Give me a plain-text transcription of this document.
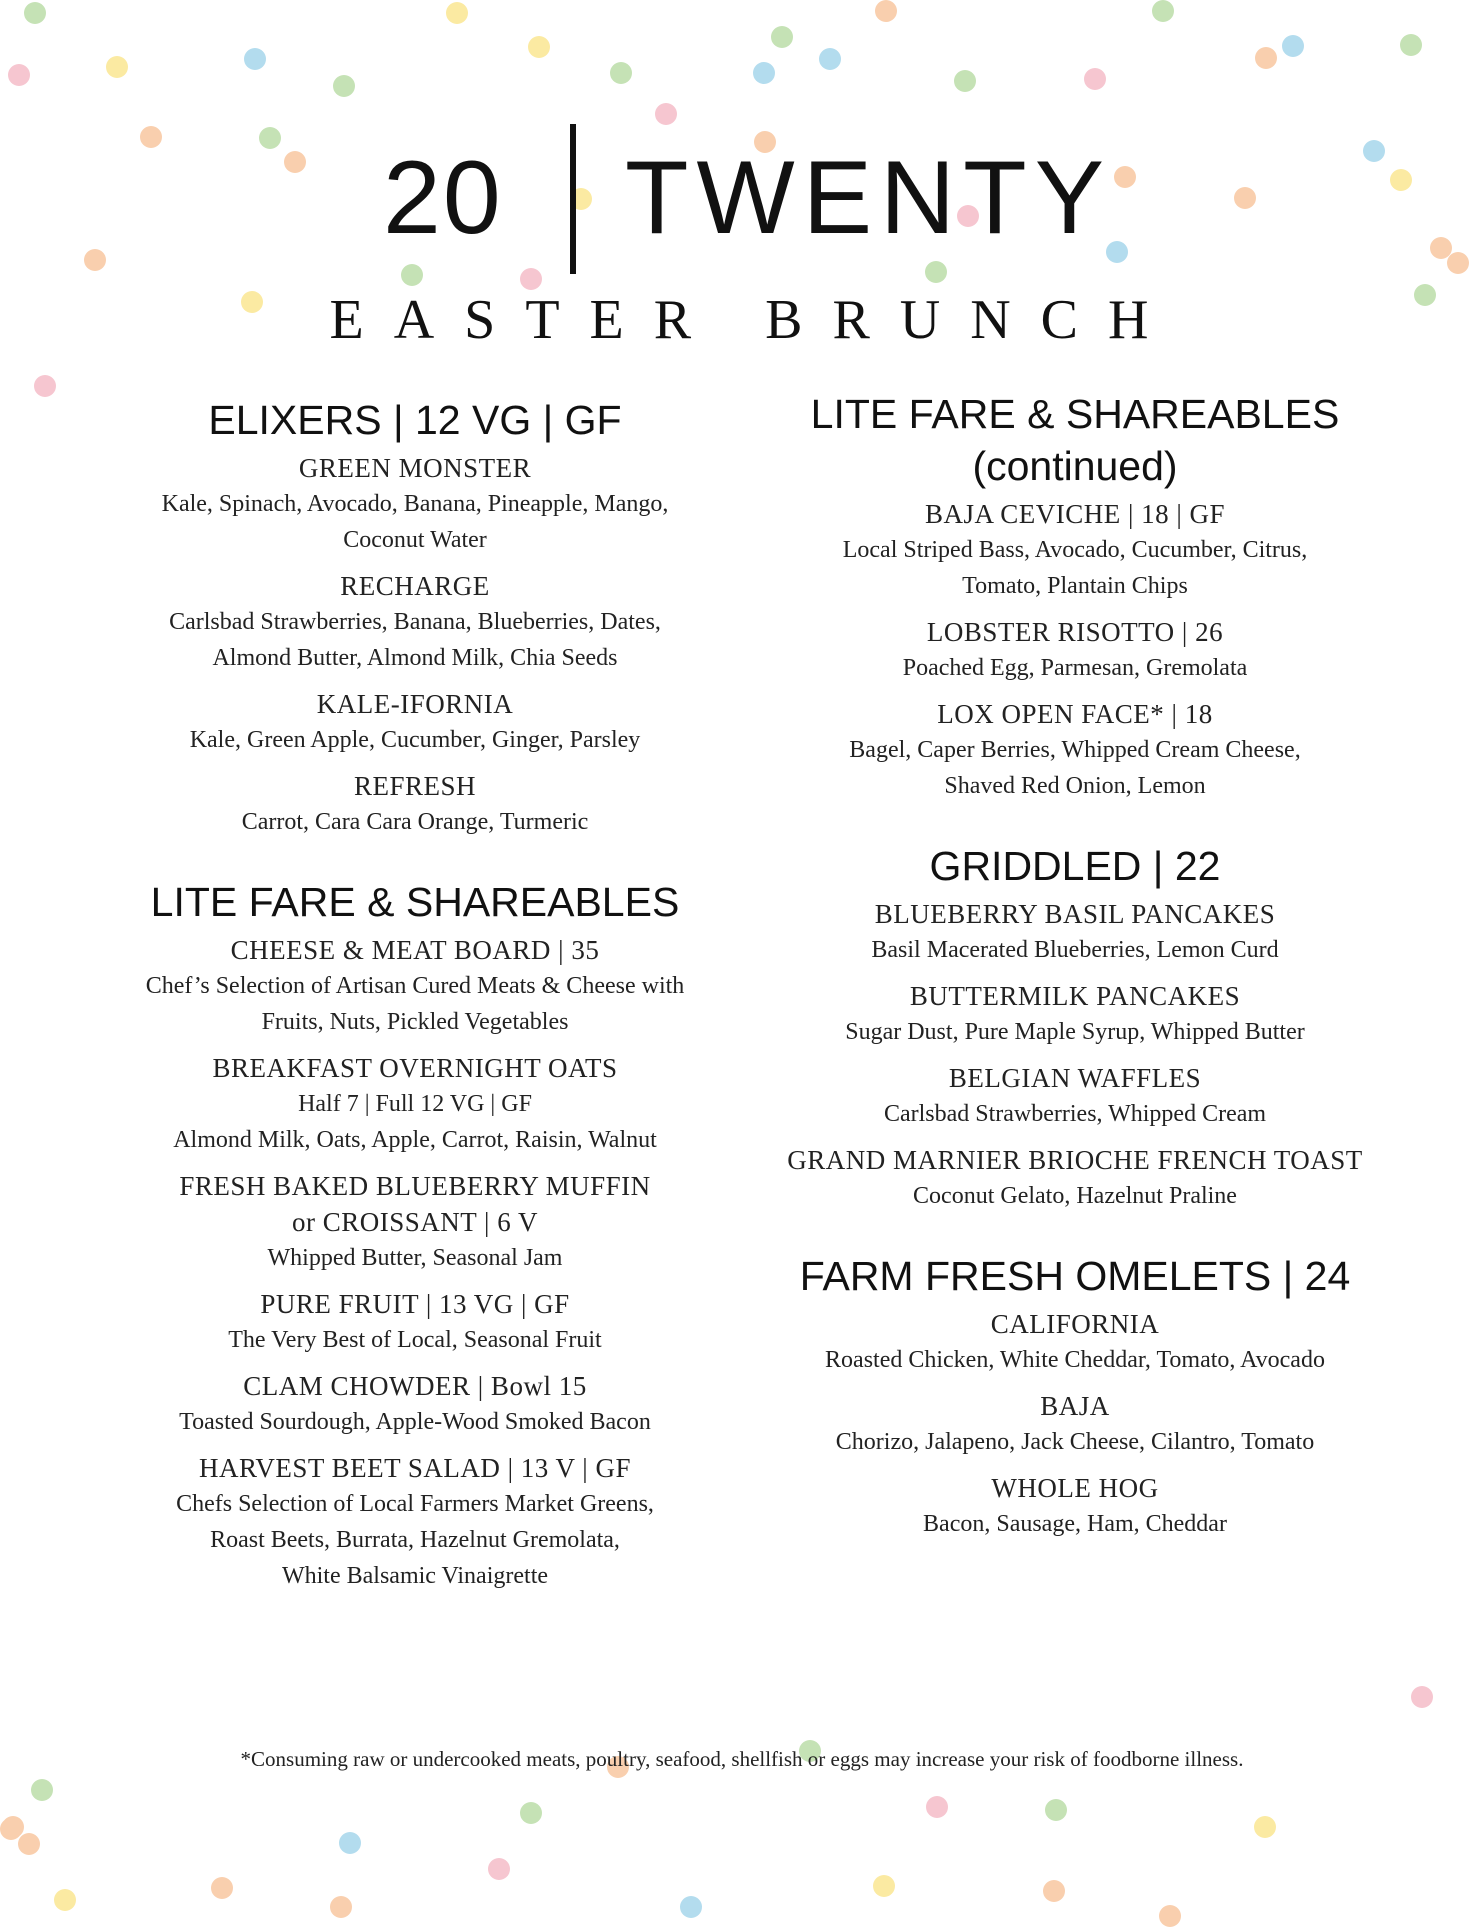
20 TWENTY
EASTER BRUNCH
ELIXERS | 12 VG | GF
GREEN MONSTER
Kale, Spinach, Avocado, Banana, Pineapple, Mango,
Coconut Water
RECHARGE
Carlsbad Strawberries, Banana, Blueberries, Dates,
Almond Butter, Almond Milk, Chia Seeds
KALE-IFORNIA
Kale, Green Apple, Cucumber, Ginger, Parsley
REFRESH
Carrot, Cara Cara Orange, Turmeric
LITE FARE & SHAREABLES
CHEESE & MEAT BOARD | 35
Chef’s Selection of Artisan Cured Meats & Cheese with
Fruits, Nuts, Pickled Vegetables
BREAKFAST OVERNIGHT OATS
Half 7 | Full 12 VG | GF
Almond Milk, Oats, Apple, Carrot, Raisin, Walnut
FRESH BAKED BLUEBERRY MUFFIN
or CROISSANT | 6 V
Whipped Butter, Seasonal Jam
PURE FRUIT | 13 VG | GF
The Very Best of Local, Seasonal Fruit
CLAM CHOWDER | Bowl 15
Toasted Sourdough, Apple-Wood Smoked Bacon
HARVEST BEET SALAD | 13 V | GF
Chefs Selection of Local Farmers Market Greens,
Roast Beets, Burrata, Hazelnut Gremolata,
White Balsamic Vinaigrette
LITE FARE & SHAREABLES
(continued)
BAJA CEVICHE | 18 | GF
Local Striped Bass, Avocado, Cucumber, Citrus,
Tomato, Plantain Chips
LOBSTER RISOTTO | 26
Poached Egg, Parmesan, Gremolata
LOX OPEN FACE* | 18
Bagel, Caper Berries, Whipped Cream Cheese,
Shaved Red Onion, Lemon
GRIDDLED | 22
BLUEBERRY BASIL PANCAKES
Basil Macerated Blueberries, Lemon Curd
BUTTERMILK PANCAKES
Sugar Dust, Pure Maple Syrup, Whipped Butter
BELGIAN WAFFLES
Carlsbad Strawberries, Whipped Cream
GRAND MARNIER BRIOCHE FRENCH TOAST
Coconut Gelato, Hazelnut Praline
FARM FRESH OMELETS | 24
CALIFORNIA
Roasted Chicken, White Cheddar, Tomato, Avocado
BAJA
Chorizo, Jalapeno, Jack Cheese, Cilantro, Tomato
WHOLE HOG
Bacon, Sausage, Ham, Cheddar
*Consuming raw or undercooked meats, poultry, seafood, shellfish or eggs may increase your risk of foodborne illness.
